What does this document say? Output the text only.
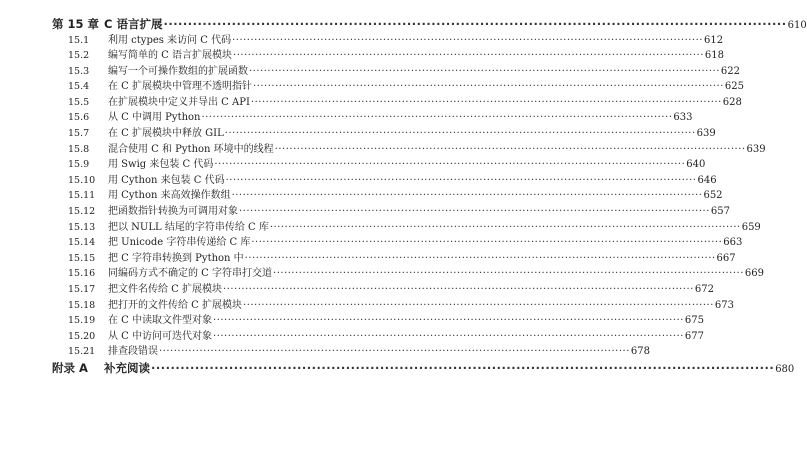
第 15 章 C 语言扩展 ·····	610
15.1	利用 ctypes 来访问 C 代码 ·····	612
15.2	编写简单的 C 语言扩展模块 ·····	618
15.3	编写一个可操作数组的扩展函数 ·····	622
15.4	在 C 扩展模块中管理不透明指针 ·····	625
15.5	在扩展模块中定义并导出 C API ·····	628
15.6	从 C 中调用 Python ·····	633
15.7	在 C 扩展模块中释放 GIL ·····	639
15.8	混合使用 C 和 Python 环境中的线程 ·····	639
15.9	用 Swig 来包装 C 代码 ·····	640
15.10	用 Cython 来包装 C 代码 ·····	646
15.11	用 Cython 来高效操作数组 ·····	652
15.12	把函数指针转换为可调用对象 ·····	657
15.13	把以 NULL 结尾的字符串传给 C 库 ·····	659
15.14	把 Unicode 字符串传递给 C 库 ·····	663
15.15	把 C 字符串转换到 Python 中 ·····	667
15.16	同编码方式不确定的 C 字符串打交道 ·····	669
15.17	把文件名传给 C 扩展模块 ·····	672
15.18	把打开的文件传给 C 扩展模块 ·····	673
15.19	在 C 中读取文件型对象 ·····	675
15.20	从 C 中访问可迭代对象 ·····	677
15.21	排查段错误 ·····	678
附录 A	补充阅读 ·····	680
